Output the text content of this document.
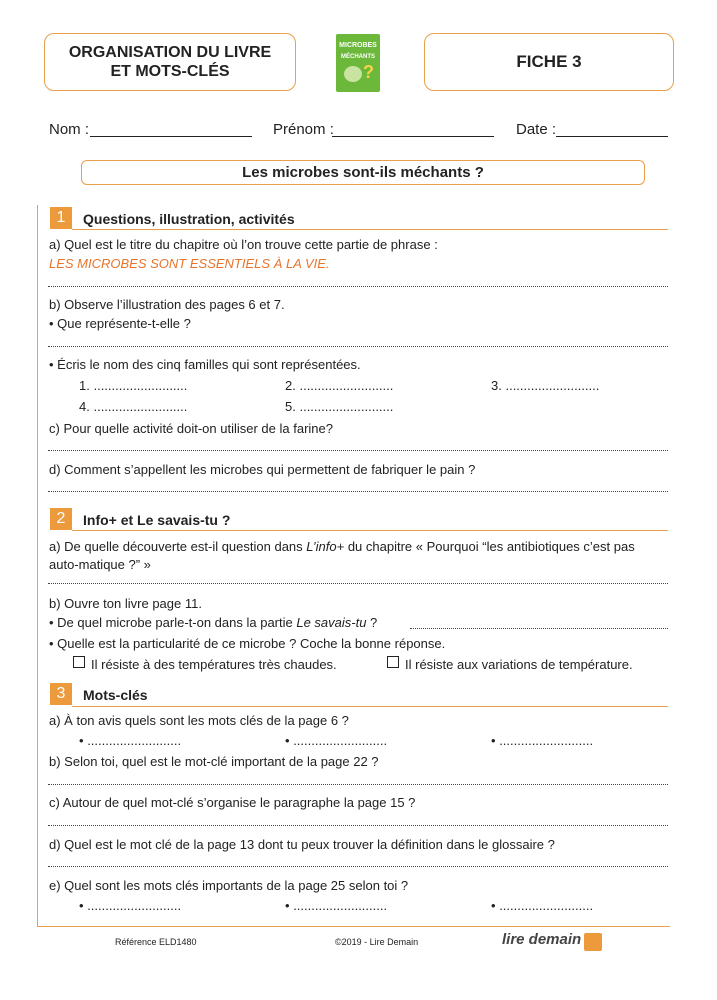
ORGANISATION DU LIVRE
ET MOTS-CLÉS
MICROBES
MÉCHANTS
?
FICHE 3
Nom :	Prénom :	Date :
Les microbes sont-ils méchants ?
1	Questions, illustration, activités
a) Quel est le titre du chapitre où l’on trouve cette partie de phrase :
LES MICROBES SONT ESSENTIELS À LA VIE.
b) Observe l’illustration des pages 6 et 7.
• Que représente-t-elle ?
• Écris le nom des cinq familles qui sont représentées.
1. ..........................	2. ..........................	3. ..........................
4. ..........................	5. ..........................
c) Pour quelle activité doit-on utiliser de la farine?
d) Comment s’appellent les microbes qui permettent de fabriquer le pain ?
2	Info+ et Le savais-tu ?
a) De quelle découverte est-il question dans L’info+ du chapitre « Pourquoi “les antibiotiques c’est pas
auto-matique ?” »
b) Ouvre ton livre page 11.
• De quel microbe parle-t-on dans la partie Le savais-tu ?
• Quelle est la particularité de ce microbe ? Coche la bonne réponse.
Il résiste à des températures très chaudes.	Il résiste aux variations de température.
3	Mots-clés
a) À ton avis quels sont les mots clés de la page 6 ?
• ..........................	• ..........................	• ..........................
b) Selon toi, quel est le mot-clé important de la page 22 ?
c) Autour de quel mot-clé s’organise le paragraphe la page 15 ?
d) Quel est le mot clé de la page 13 dont tu peux trouver la définition dans le glossaire ?
e) Quel sont les mots clés importants de la page 25 selon toi ?
• ..........................	• ..........................	• ..........................
Référence ELD1480	©2019 - Lire Demain	lire demain
